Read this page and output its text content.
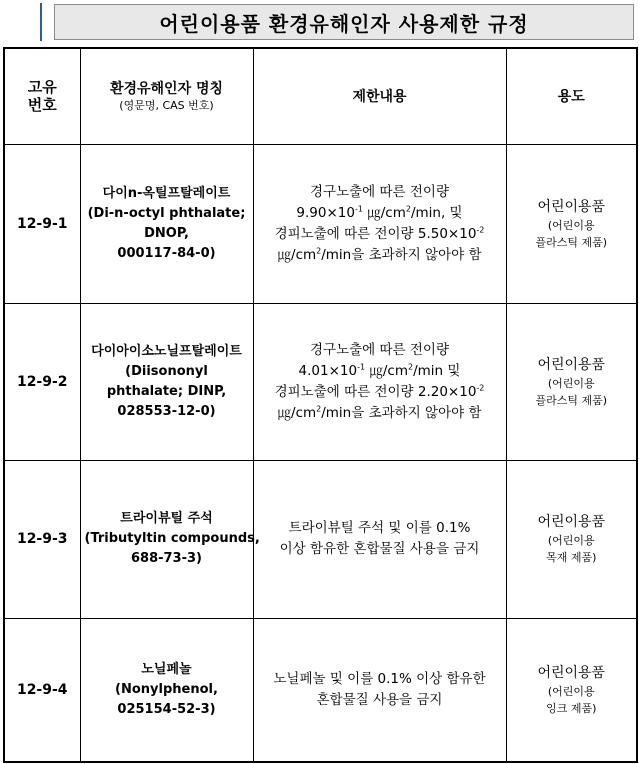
어린이용품 환경유해인자 사용제한 규정
고유
번호	환경유해인자 명칭
(영문명, CAS 번호)	제한내용	용도
12-9-1	다이n-옥틸프탈레이트
(Di-n-octyl phthalate;
DNOP,
000117-84-0)	경구노출에 따른 전이량
$9.90\times 10^{-1}$ $㎍/cm^2/\min$, 및
경피노출에 따른 전이량 $5.50\times 10^{-2}$
$㎍/cm^2/\min$을 초과하지 않아야 함	어린이용품
(어린이용
플라스틱 제품)

12-9-2	다이아이소노닐프탈레이트
(Diisononyl
phthalate; DINP,
028553-12-0)	경구노출에 따른 전이량
$4.01\times 10^{-1}$ $㎍/cm^2/\min$ 및
경피노출에 따른 전이량 $2.20\times 10^{-2}$
$㎍/cm^2/\min$을 초과하지 않아야 함	어린이용품
(어린이용
플라스틱 제품)

12-9-3	트라이뷰틸 주석
(Tributyltin compounds,
688-73-3)	트라이뷰틸 주석 및 이를 0.1%
이상 함유한 혼합물질 사용을 금지	어린이용품
(어린이용
목재 제품)

12-9-4	노닐페놀
(Nonylphenol,
025154-52-3)	노닐페놀 및 이를 0.1% 이상 함유한
혼합물질 사용을 금지	어린이용품
(어린이용
잉크 제품)
